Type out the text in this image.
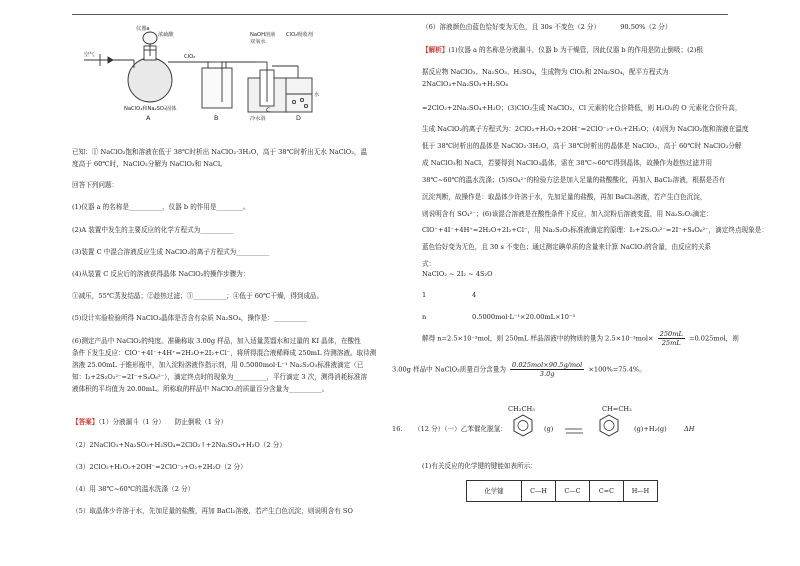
空气
仪器a
浓硫酸
ClO₂
NaOH溶液
双氧水
冷水浴
ClO₂吸收剂
水
NaClO₃和Na₂SO₃固体
A	B
C
D
已知：① NaClO₂饱和溶液在低于 38℃时析出 NaClO₂·3H₂O，高于 38℃时析出无水 NaClO₂，温
度高于 60℃时，NaClO₂分解为 NaClO₃和 NaCl。
回答下列问题：
(1)仪器 a 的名称是__________，仪器 b 的作用是________。
(2)A 装置中发生的主要反应的化学方程式为__________
(3)装置 C 中混合溶液反应生成 NaClO₂的离子方程式为__________
(4)从装置 C 反应后的溶液获得晶体 NaClO₂的操作步骤为：
①减压，55℃蒸发结晶；②趁热过滤；③__________；④低于 60℃干燥，得到成品。
(5)设计实验检验所得 NaClO₂晶体是否含有杂质 Na₂SO₄，操作是：__________
(6)测定产品中 NaClO₂的纯度。准确称取 3.00g 样品，加入适量蒸馏水和过量的 KI 晶体，在酸性
条件下发生反应：ClO⁻+4I⁻+4H⁺=2H₂O+2I₂+Cl⁻，将所得混合液稀释成 250mL 待测溶液。取待测
溶液 25.00mL 于锥形瓶中，加入淀粉溶液作指示剂，用 0.5000mol·L⁻¹ Na₂S₂O₃标准液滴定（已
知：I₂+2S₂O₃²⁻=2I⁻+S₄O₆²⁻），滴定终点时的现象为__________，平行滴定 3 次，测得消耗标准溶
液体积的平均值为 20.00mL。所称取的样品中 NaClO₂的质量百分含量为__________。
【答案】（1）分液漏斗（1 分）　　防止倒吸（1 分）
（2）2NaClO₃+Na₂SO₃+H₂SO₄=2ClO₂↑+2Na₂SO₄+H₂O（2 分）
（3）2ClO₂+H₂O₂+2OH⁻=2ClO⁻₂+O₂+2H₂O（2 分）
（4）用 38℃~60℃的温水洗涤（2 分）
（5）取晶体少许溶于水，先加足量的盐酸，再加 BaCl₂溶液，若产生白色沉淀，则说明含有 SO
（6）溶液颜色由蓝色恰好变为无色，且 30s 不变色（2 分）	90.50%（2 分）
【解析】(1)仪器 a 的名称是分液漏斗，仪器 b 为干燥管，因此仪器 b 的作用是防止倒吸；(2)根
据反应物 NaClO₃、Na₂SO₃、H₂SO₄，生成物为 ClO₂和 2Na₂SO₄，配平方程式为
2NaClO₃+Na₂SO₃+H₂SO₄
=2ClO₂+2Na₂SO₄+H₂O；(3)ClO₂生成 NaClO₂，Cl 元素的化合价降低，则 H₂O₂的 O 元素化合价升高，
生成 NaClO₂的离子方程式为：2ClO₂+H₂O₂+2OH⁻=2ClO⁻₂+O₂+2H₂O；(4)因为 NaClO₂饱和溶液在温度
低于 38℃时析出的晶体是 NaClO₂·3H₂O，高于 38℃时析出的晶体是 NaClO₂，高于 60℃时 NaClO₂分解
成 NaClO₃和 NaCl，若要得到 NaClO₂晶体，需在 38℃~60℃得到晶体，故操作为趁热过滤并用
38℃~60℃的温水洗涤；(5)SO₄²⁻的检验方法是加入足量的盐酸酸化，再加入 BaCl₂溶液，根据是否有
沉淀判断，故操作是：取晶体少许溶于水，先加足量的盐酸，再加 BaCl₂溶液，若产生白色沉淀，
则说明含有 SO₄²⁻；(6)该混合溶液是在酸性条件下反应，加入淀粉后溶液变蓝，用 Na₂S₂O₃滴定：
ClO⁻+4I⁻+4H⁺=2H₂O+2I₂+Cl⁻，用 Na₂S₂O₃标准液滴定的原理：I₂+2S₂O₃²⁻=2I⁻+S₄O₆²⁻，滴定终点现象是：
蓝色恰好变为无色，且 30 s 不变色；通过测定碘单质的含量来计算 NaClO₂的含量，由反应的关系
式：
NaClO₂ ~ 2I₂ ~ 4S₂O
1	4
n	0.5000mol·L⁻¹×20.00mL×10⁻³
解得 n=2.5×10⁻³mol，则 250mL 样品溶液中的物质的量为 $2.5\times 10^{-3}mol\times \frac{250mL}{25mL} =0.025mol$，则
3.00g 样品中 NaClO₂质量百分含量为 $\frac{\text{0.025mol×90.5g/mol}}{3.0g} \times 100\%=75.4\%$。
16. （12 分）（一）乙苯催化脱氢：
CH₂CH₃
(g)
CH=CH₂
(g)+H₂(g)	ΔH
(1)有关反应的化学键的键能如表所示：
化学键	C—H	C—C	C=C	H—H
